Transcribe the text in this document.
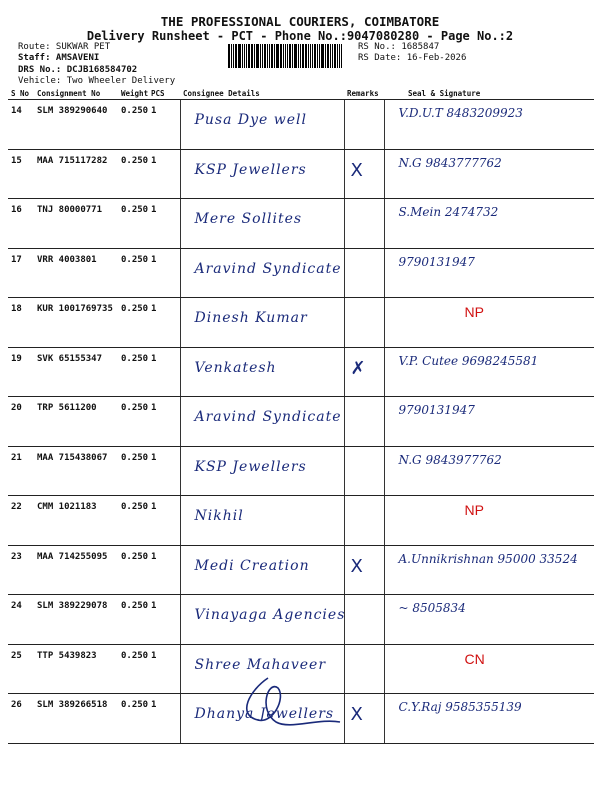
THE PROFESSIONAL COURIERS, COIMBATORE
Delivery Runsheet - PCT - Phone No.:9047080280 - Page No.:2
Route: SUKWAR PET
Staff: AMSAVENI
DRS No.: DCJB168584702
Vehicle: Two Wheeler Delivery
RS No.: 1685847
RS Date: 16-Feb-2026
S No	Consignment No	Weight	PCS	Consignee Details	Remarks	Seal & Signature
14	SLM 389290640	0.250	1	Pusa Dye well		V.D.U.T 8483209923
15	MAA 715117282	0.250	1	KSP Jewellers	X	N.G 9843777762
16	TNJ 80000771	0.250	1	Mere Sollites		S.Mein 2474732
17	VRR 4003801	0.250	1	Aravind Syndicate		9790131947
18	KUR 1001769735	0.250	1	Dinesh Kumar		NP
19	SVK 65155347	0.250	1	Venkatesh	✗	V.P. Cutee 9698245581
20	TRP 5611200	0.250	1	Aravind Syndicate		9790131947
21	MAA 715438067	0.250	1	KSP Jewellers		N.G 9843977762
22	CMM 1021183	0.250	1	Nikhil		NP
23	MAA 714255095	0.250	1	Medi Creation	X	A.Unnikrishnan 95000 33524
24	SLM 389229078	0.250	1	Vinayaga Agencies		~ 8505834
25	TTP 5439823	0.250	1	Shree Mahaveer		CN
26	SLM 389266518	0.250	1	Dhanya Jewellers	X	C.Y.Raj 9585355139
